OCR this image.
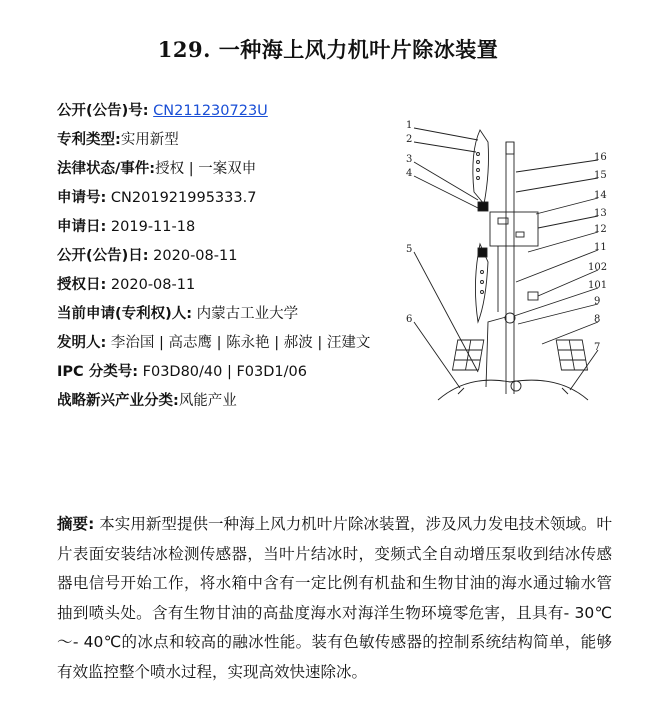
129. 一种海上风力机叶片除冰装置
公开(公告)号: CN211230723U
专利类型:实用新型
法律状态/事件:授权 | 一案双申
申请号: CN201921995333.7
申请日: 2019-11-18
公开(公告)日: 2020-08-11
授权日: 2020-08-11
当前申请(专利权)人: 内蒙古工业大学
发明人: 李治国 | 高志鹰 | 陈永艳 | 郝波 | 汪建文
IPC 分类号: F03D80/40 | F03D1/06
战略新兴产业分类:风能产业
1
2
3
4
5
6
16
15
14
13
12
11
102
101
9
8
7
摘要: 本实用新型提供一种海上风力机叶片除冰装置，涉及风力发电技术领域。叶片表面安装结冰检测传感器，当叶片结冰时，变频式全自动增压泵收到结冰传感器电信号开始工作，将水箱中含有一定比例有机盐和生物甘油的海水通过输水管抽到喷头处。含有生物甘油的高盐度海水对海洋生物环境零危害，且具有- 30℃～- 40℃的冰点和较高的融冰性能。装有色敏传感器的控制系统结构简单，能够有效监控整个喷水过程，实现高效快速除冰。
